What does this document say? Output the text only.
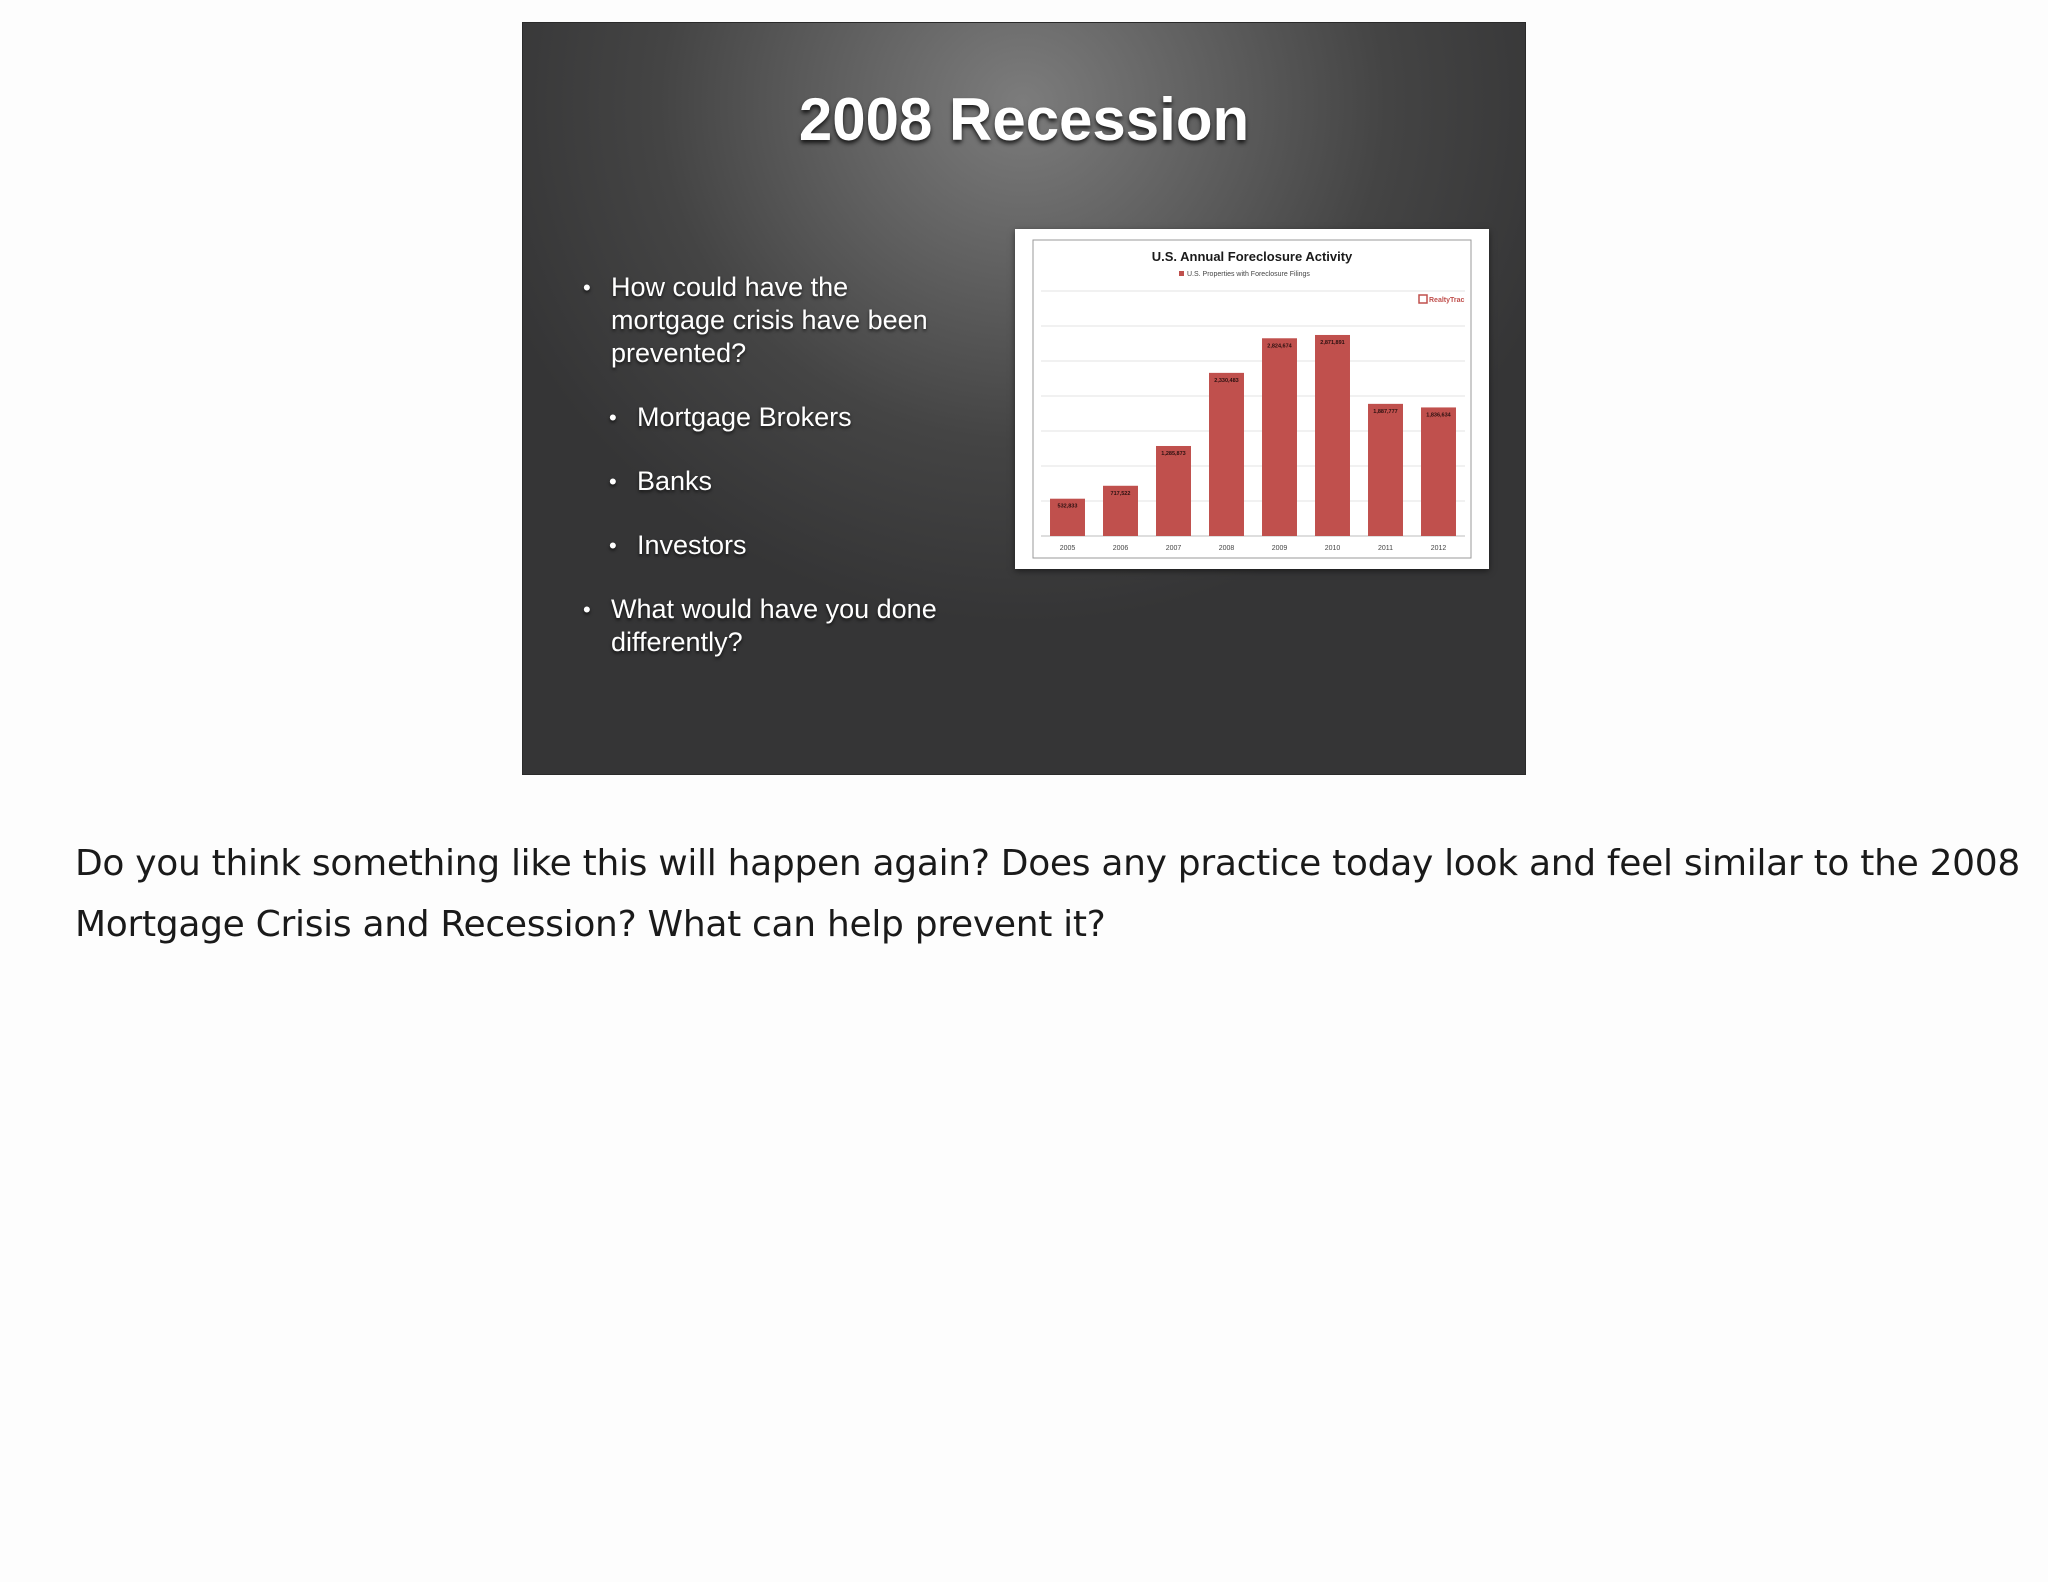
2008 Recession
• How could have the mortgage crisis have been prevented?
• Mortgage Brokers
• Banks
• Investors
• What would have you done differently?
U.S. Annual Foreclosure Activity
U.S. Properties with Foreclosure Filings
RealtyTrac
532,833
717,522
1,285,873
2,330,483
2,824,674
2,871,891
1,887,777
1,836,634
2005	2006	2007	2008	2009	2010	2011	2012
Do you think something like this will happen again? Does any practice today look and feel similar to the 2008
Mortgage Crisis and Recession? What can help prevent it?
